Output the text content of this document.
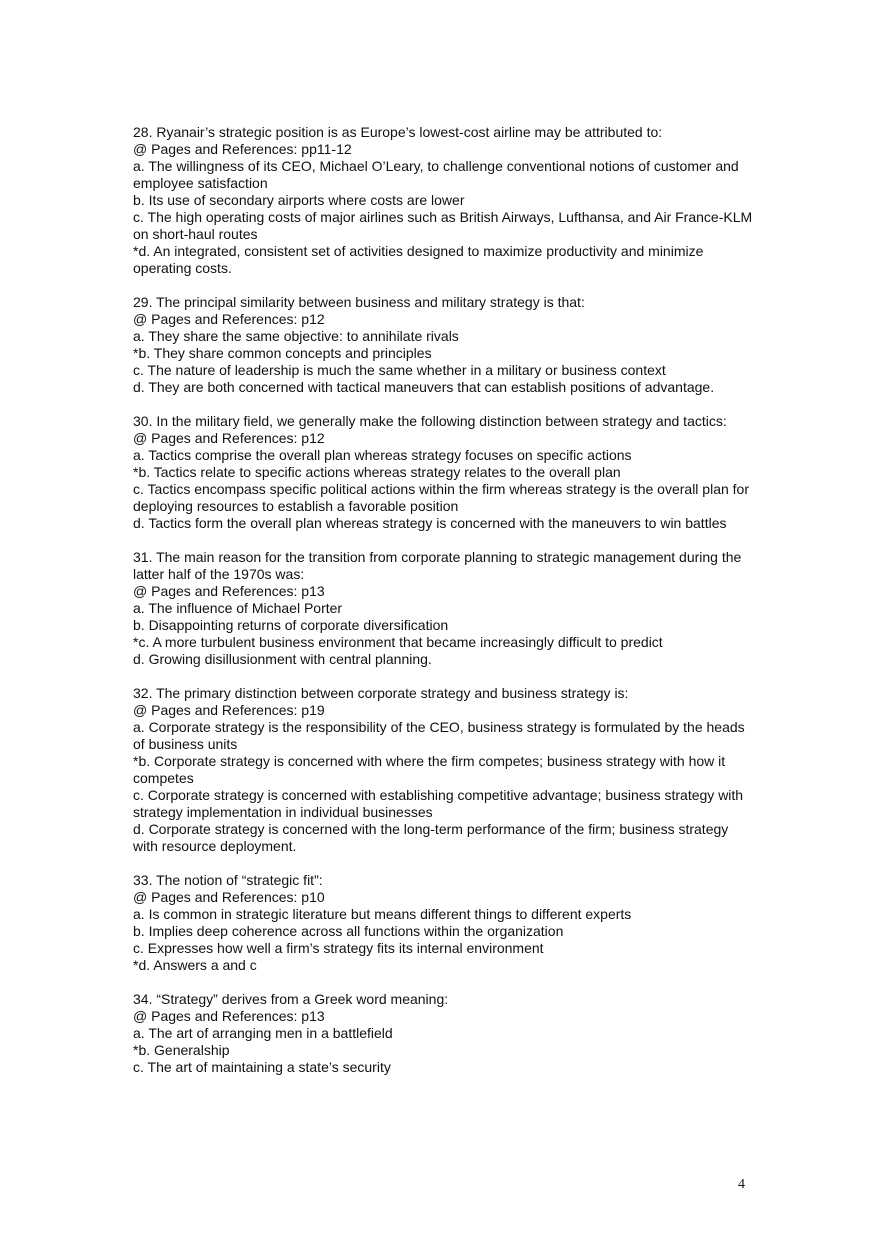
28. Ryanair’s strategic position is as Europe’s lowest-cost airline may be attributed to:
@ Pages and References: pp11-12
a. The willingness of its CEO, Michael O’Leary, to challenge conventional notions of customer and employee satisfaction
b. Its use of secondary airports where costs are lower
c. The high operating costs of major airlines such as British Airways, Lufthansa, and Air France-KLM on short-haul routes
*d. An integrated, consistent set of activities designed to maximize productivity and minimize operating costs.
29. The principal similarity between business and military strategy is that:
@ Pages and References: p12
a. They share the same objective: to annihilate rivals
*b. They share common concepts and principles
c. The nature of leadership is much the same whether in a military or business context
d. They are both concerned with tactical maneuvers that can establish positions of advantage.
30. In the military field, we generally make the following distinction between strategy and tactics:
@ Pages and References: p12
a. Tactics comprise the overall plan whereas strategy focuses on specific actions
*b. Tactics relate to specific actions whereas strategy relates to the overall plan
c. Tactics encompass specific political actions within the firm whereas strategy is the overall plan for deploying resources to establish a favorable position
d. Tactics form the overall plan whereas strategy is concerned with the maneuvers to win battles
31. The main reason for the transition from corporate planning to strategic management during the latter half of the 1970s was:
@ Pages and References: p13
a. The influence of Michael Porter
b. Disappointing returns of corporate diversification
*c. A more turbulent business environment that became increasingly difficult to predict
d. Growing disillusionment with central planning.
32. The primary distinction between corporate strategy and business strategy is:
@ Pages and References: p19
a. Corporate strategy is the responsibility of the CEO, business strategy is formulated by the heads of business units
*b. Corporate strategy is concerned with where the firm competes; business strategy with how it competes
c. Corporate strategy is concerned with establishing competitive advantage; business strategy with strategy implementation in individual businesses
d. Corporate strategy is concerned with the long-term performance of the firm; business strategy with resource deployment.
33. The notion of “strategic fit”:
@ Pages and References: p10
a. Is common in strategic literature but means different things to different experts
b. Implies deep coherence across all functions within the organization
c. Expresses how well a firm’s strategy fits its internal environment
*d. Answers a and c
34. “Strategy” derives from a Greek word meaning:
@ Pages and References: p13
a. The art of arranging men in a battlefield
*b. Generalship
c. The art of maintaining a state’s security
4
